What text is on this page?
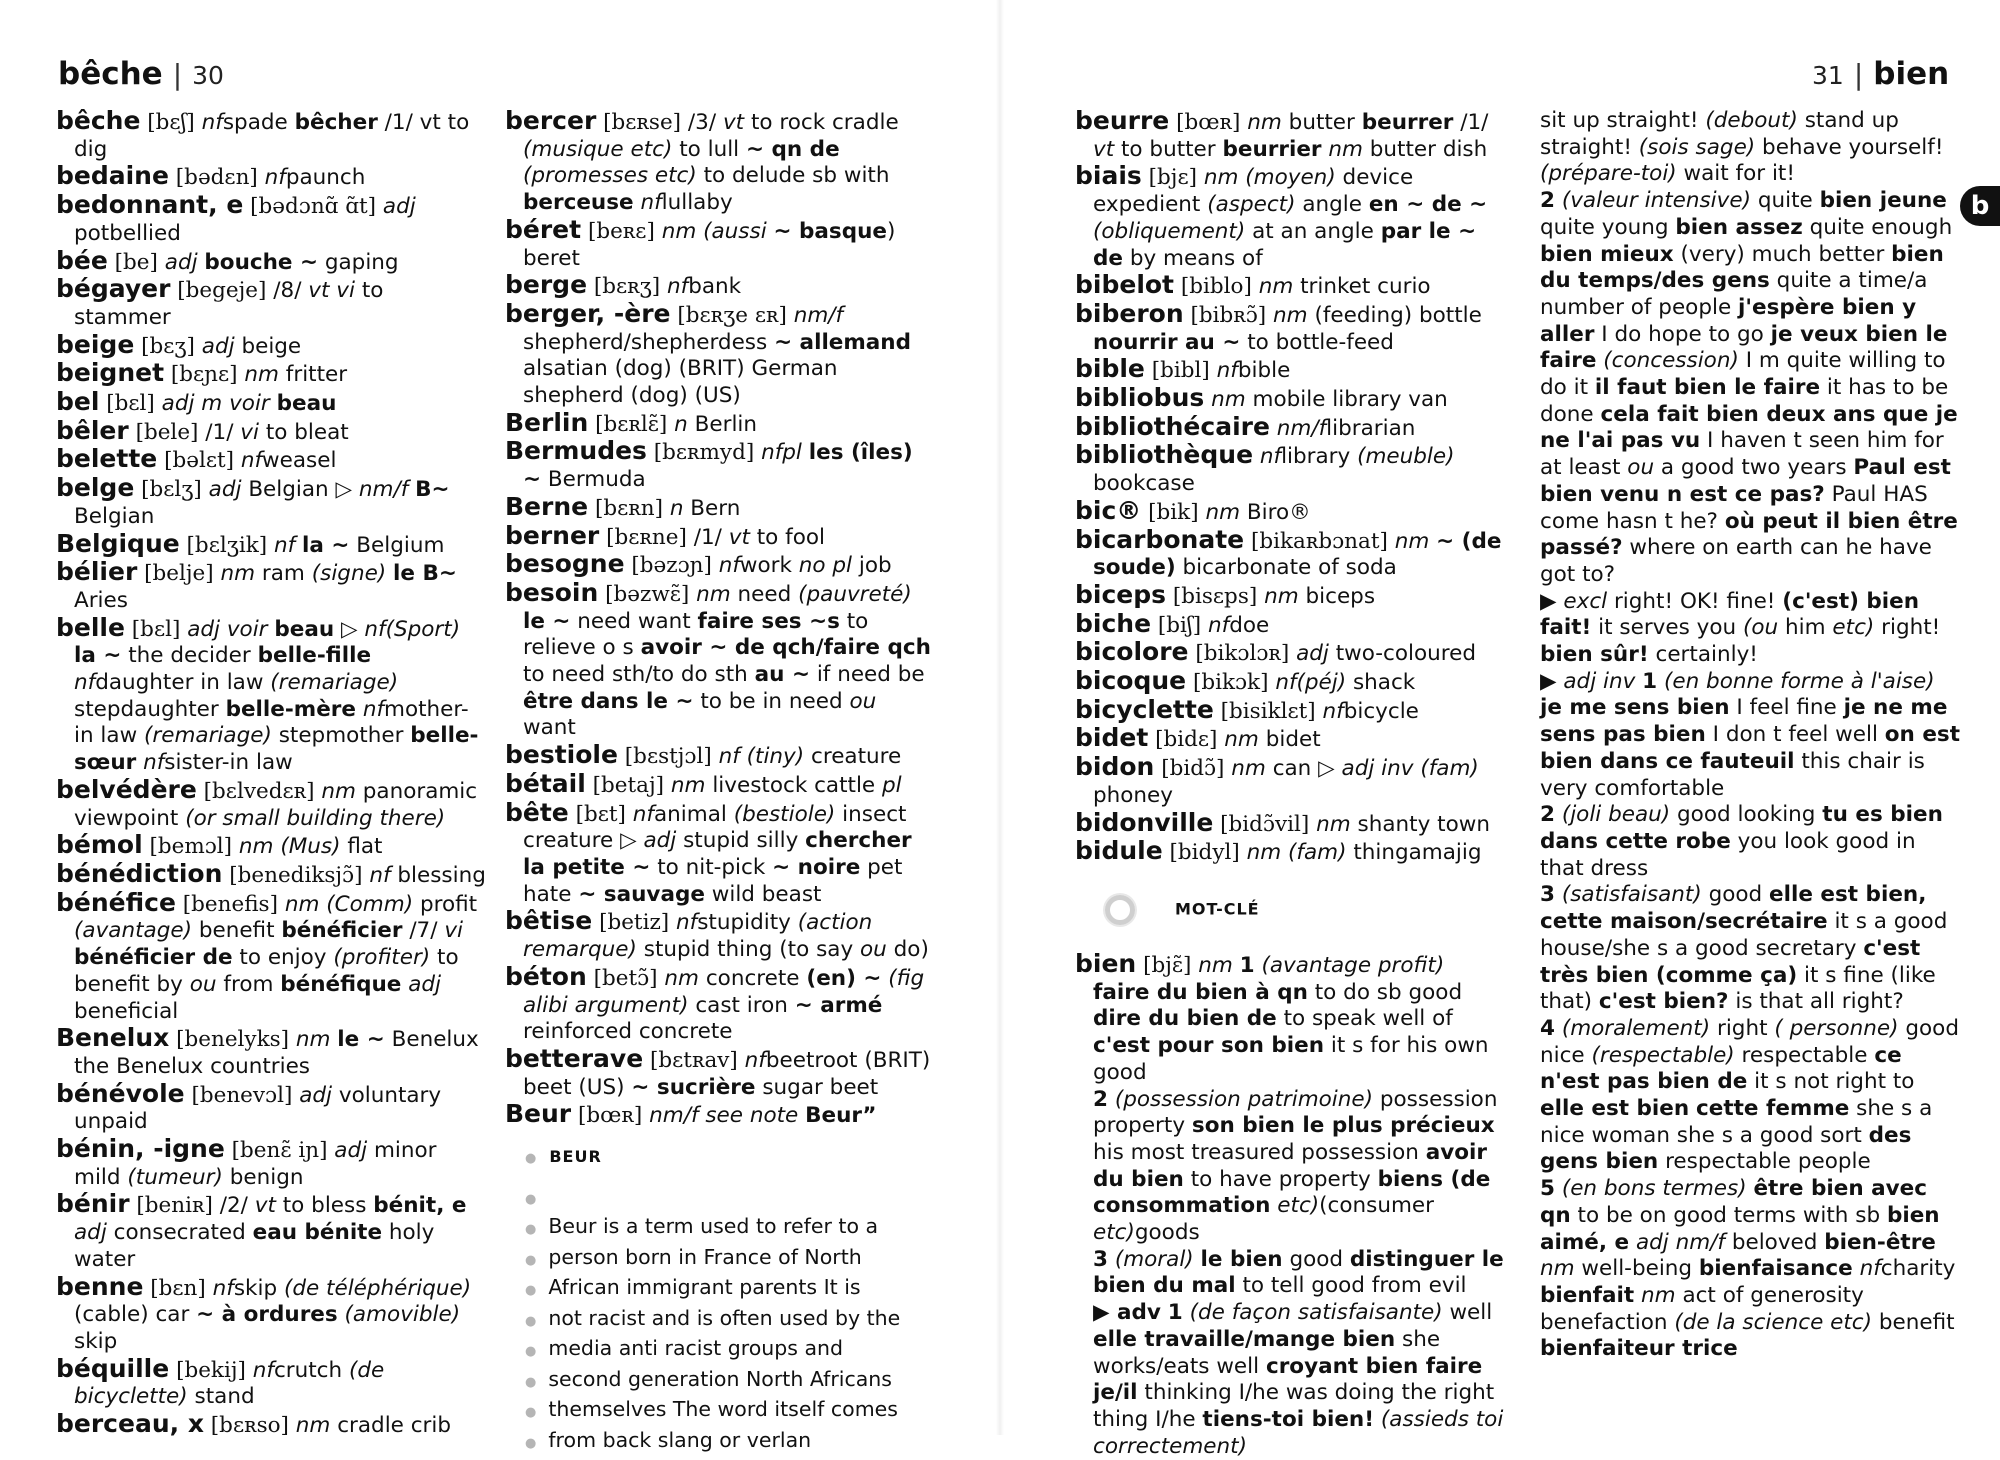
bêche | 30	31 | bien
b

bêche [bɛʃ] nfspade bêcher /1/ vt to dig

bedaine [bədɛn] nfpaunch

bedonnant, e [bədɔnɑ̃ ɑ̃t] adj potbellied

bée [be] adj bouche ~ gaping

bégayer [begeje] /8/ vt vi to stammer

beige [bɛʒ] adj beige

beignet [bɛɲɛ] nm fritter

bel [bɛl] adj m voir beau

bêler [bele] /1/ vi to bleat

belette [bəlɛt] nfweasel

belge [bɛlʒ] adj Belgian ▷ nm/f B~ Belgian

Belgique [bɛlʒik] nf la ~ Belgium

bélier [belje] nm ram (signe) le B~ Aries

belle [bɛl] adj voir beau ▷ nf(Sport) la ~ the decider belle-fille nfdaughter in law (remariage) stepdaughter belle-mère nfmother-in law (remariage) stepmother belle-sœur nfsister-in law

belvédère [bɛlvedɛʀ] nm panoramic viewpoint (or small building there)

bémol [bemɔl] nm (Mus) flat

bénédiction [benediksjɔ̃] nf blessing

bénéfice [benefis] nm (Comm) profit (avantage) benefit bénéficier /7/ vi bénéficier de to enjoy (profiter) to benefit by ou from bénéfique adj beneficial

Benelux [benelyks] nm le ~ Benelux the Benelux countries

bénévole [benevɔl] adj voluntary unpaid

bénin, -igne [benɛ̃ iɲ] adj minor mild (tumeur) benign

bénir [beniʀ] /2/ vt to bless bénit, e adj consecrated eau bénite holy water

benne [bɛn] nfskip (de téléphérique) (cable) car ~ à ordures (amovible) skip

béquille [bekij] nfcrutch (de bicyclette) stand

berceau, x [bɛʀso] nm cradle crib

bercer [bɛʀse] /3/ vt to rock cradle (musique etc) to lull ~ qn de (promesses etc) to delude sb with berceuse nflullaby

béret [beʀɛ] nm (aussi ~ basque) beret

berge [bɛʀʒ] nfbank

berger, -ère [bɛʀʒe ɛʀ] nm/f shepherd/shepherdess ~ allemand alsatian (dog) (BRIT) German shepherd (dog) (US)

Berlin [bɛʀlɛ̃] n Berlin

Bermudes [bɛʀmyd] nfpl les (îles) ~ Bermuda

Berne [bɛʀn] n Bern

berner [bɛʀne] /1/ vt to fool

besogne [bəzɔɲ] nfwork no pl job

besoin [bəzwɛ̃] nm need (pauvreté) le ~ need want faire ses ~s to relieve o s avoir ~ de qch/faire qch to need sth/to do sth au ~ if need be être dans le ~ to be in need ou want

bestiole [bɛstjɔl] nf (tiny) creature

bétail [betaj] nm livestock cattle pl

bête [bɛt] nfanimal (bestiole) insect creature ▷ adj stupid silly chercher la petite ~ to nit-pick ~ noire pet hate ~ sauvage wild beast

bêtise [betiz] nfstupidity (action remarque) stupid thing (to say ou do)

béton [betɔ̃] nm concrete (en) ~ (fig alibi argument) cast iron ~ armé reinforced concrete

betterave [bɛtʀav] nfbeetroot (BRIT) beet (US) ~ sucrière sugar beet

Beur [bœʀ] nm/f see note Beur”

● BEUR
●
● Beur is a term used to refer to a
● person born in France of North
● African immigrant parents It is
● not racist and is often used by the
● media anti racist groups and
● second generation North Africans
● themselves The word itself comes
● from back slang or verlan

beurre [bœʀ] nm butter beurrer /1/ vt to butter beurrier nm butter dish

biais [bjɛ] nm (moyen) device expedient (aspect) angle en ~ de ~ (obliquement) at an angle par le ~ de by means of

bibelot [biblo] nm trinket curio

biberon [bibʀɔ̃] nm (feeding) bottle nourrir au ~ to bottle-feed

bible [bibl] nfbible

bibliobus nm mobile library van

bibliothécaire nm/flibrarian

bibliothèque nflibrary (meuble) bookcase

bic® [bik] nm Biro®

bicarbonate [bikaʀbɔnat] nm ~ (de soude) bicarbonate of soda

biceps [bisɛps] nm biceps

biche [biʃ] nfdoe

bicolore [bikɔlɔʀ] adj two-coloured

bicoque [bikɔk] nf(péj) shack

bicyclette [bisiklɛt] nfbicycle

bidet [bidɛ] nm bidet

bidon [bidɔ̃] nm can ▷ adj inv (fam) phoney

bidonville [bidɔ̃vil] nm shanty town

bidule [bidyl] nm (fam) thingamajig

MOT-CLÉ

bien [bjɛ̃] nm 1 (avantage profit) faire du bien à qn to do sb good dire du bien de to speak well of c'est pour son bien it s for his own good

2 (possession patrimoine) possession property son bien le plus précieux his most treasured possession avoir du bien to have property biens (de consommation etc)(consumer etc)goods

3 (moral) le bien good distinguer le bien du mal to tell good from evil

▶ adv 1 (de façon satisfaisante) well elle travaille/mange bien she works/eats well croyant bien faire je/il thinking I/he was doing the right thing I/he tiens-toi bien! (assieds toi correctement)

sit up straight! (debout) stand up straight! (sois sage) behave yourself! (prépare-toi) wait for it!

2 (valeur intensive) quite bien jeune quite young bien assez quite enough bien mieux (very) much better bien du temps/des gens quite a time/a number of people j'espère bien y aller I do hope to go je veux bien le faire (concession) I m quite willing to do it il faut bien le faire it has to be done cela fait bien deux ans que je ne l'ai pas vu I haven t seen him for at least ou a good two years Paul est bien venu n est ce pas? Paul HAS come hasn t he? où peut il bien être passé? where on earth can he have got to?

▶ excl right! OK! fine! (c'est) bien fait! it serves you (ou him etc) right! bien sûr! certainly!

▶ adj inv 1 (en bonne forme à l'aise) je me sens bien I feel fine je ne me sens pas bien I don t feel well on est bien dans ce fauteuil this chair is very comfortable

2 (joli beau) good looking tu es bien dans cette robe you look good in that dress

3 (satisfaisant) good elle est bien, cette maison/secrétaire it s a good house/she s a good secretary c'est très bien (comme ça) it s fine (like that) c'est bien? is that all right?

4 (moralement) right ( personne) good nice (respectable) respectable ce n'est pas bien de it s not right to elle est bien cette femme she s a nice woman she s a good sort des gens bien respectable people

5 (en bons termes) être bien avec qn to be on good terms with sb bien aimé, e adj nm/f beloved bien-être nm well-being bienfaisance nfcharity bienfait nm act of generosity benefaction (de la science etc) benefit bienfaiteur trice
